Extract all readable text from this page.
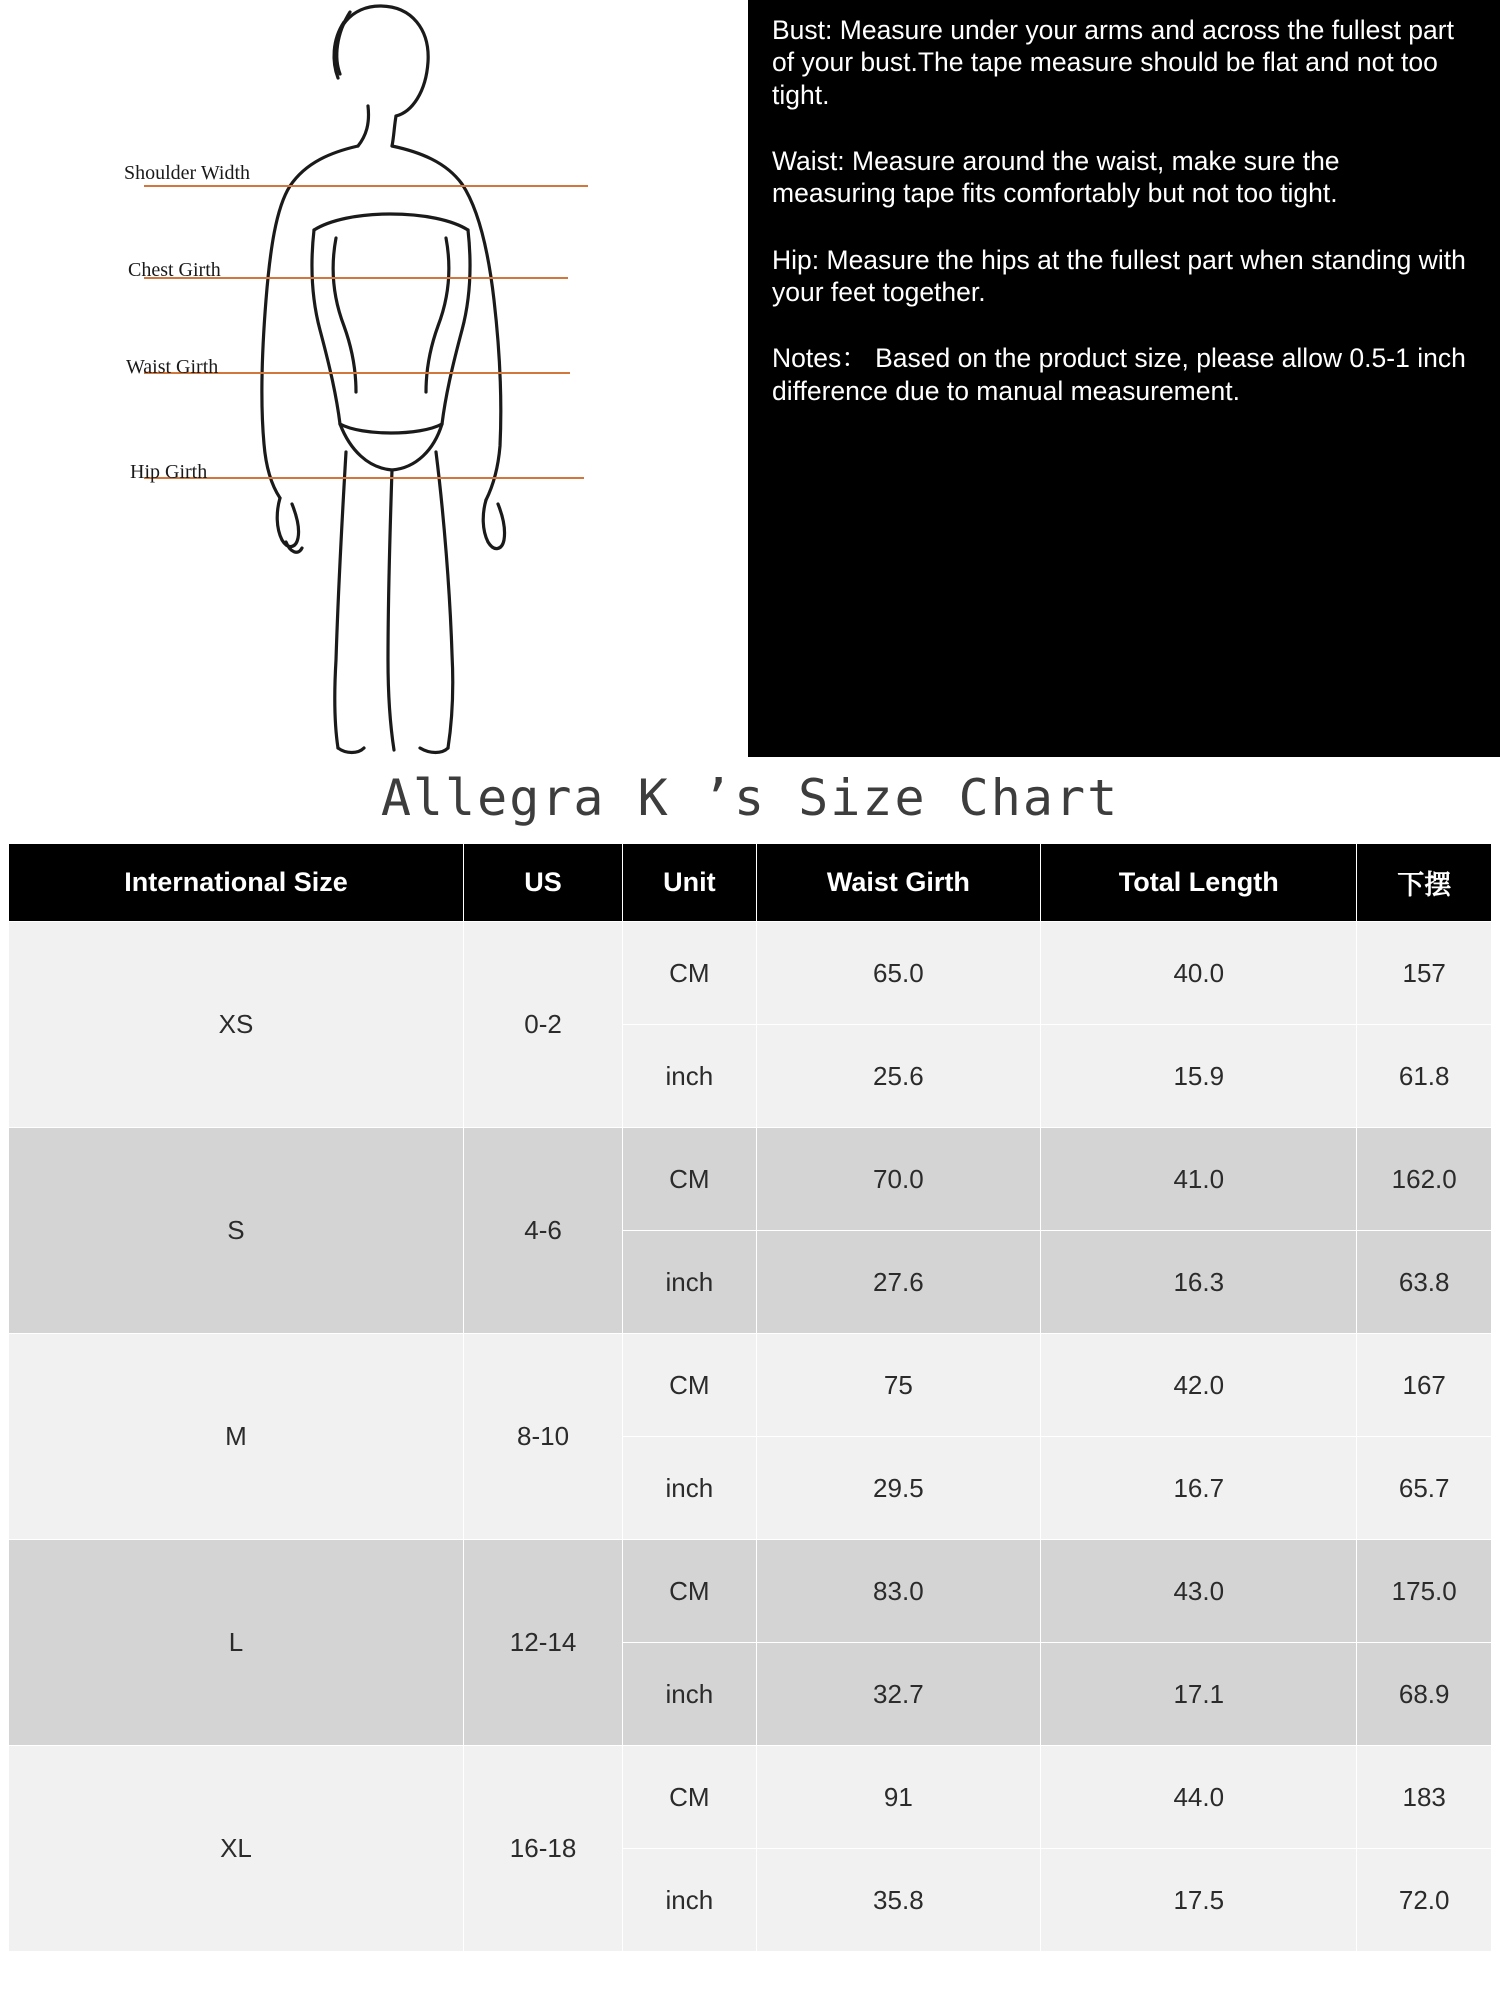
Shoulder Width
Chest Girth
Waist Girth
Hip Girth

Bust: Measure under your arms and across the fullest part of your bust.The tape measure should be flat and not too tight.

Waist: Measure around the waist, make sure the measuring tape fits comfortably but not too tight.

Hip: Measure the hips at the fullest part when standing with your feet together.

Notes： Based on the product size, please allow 0.5-1 inch difference due to manual measurement.

Allegra K ’s Size Chart
International Size	US	Unit	Waist Girth	Total Length	下摆
XS	0-2	CM	65.0	40.0	157
		inch	25.6	15.9	61.8
S	4-6	CM	70.0	41.0	162.0
		inch	27.6	16.3	63.8
M	8-10	CM	75	42.0	167
		inch	29.5	16.7	65.7
L	12-14	CM	83.0	43.0	175.0
		inch	32.7	17.1	68.9
XL	16-18	CM	91	44.0	183
		inch	35.8	17.5	72.0
